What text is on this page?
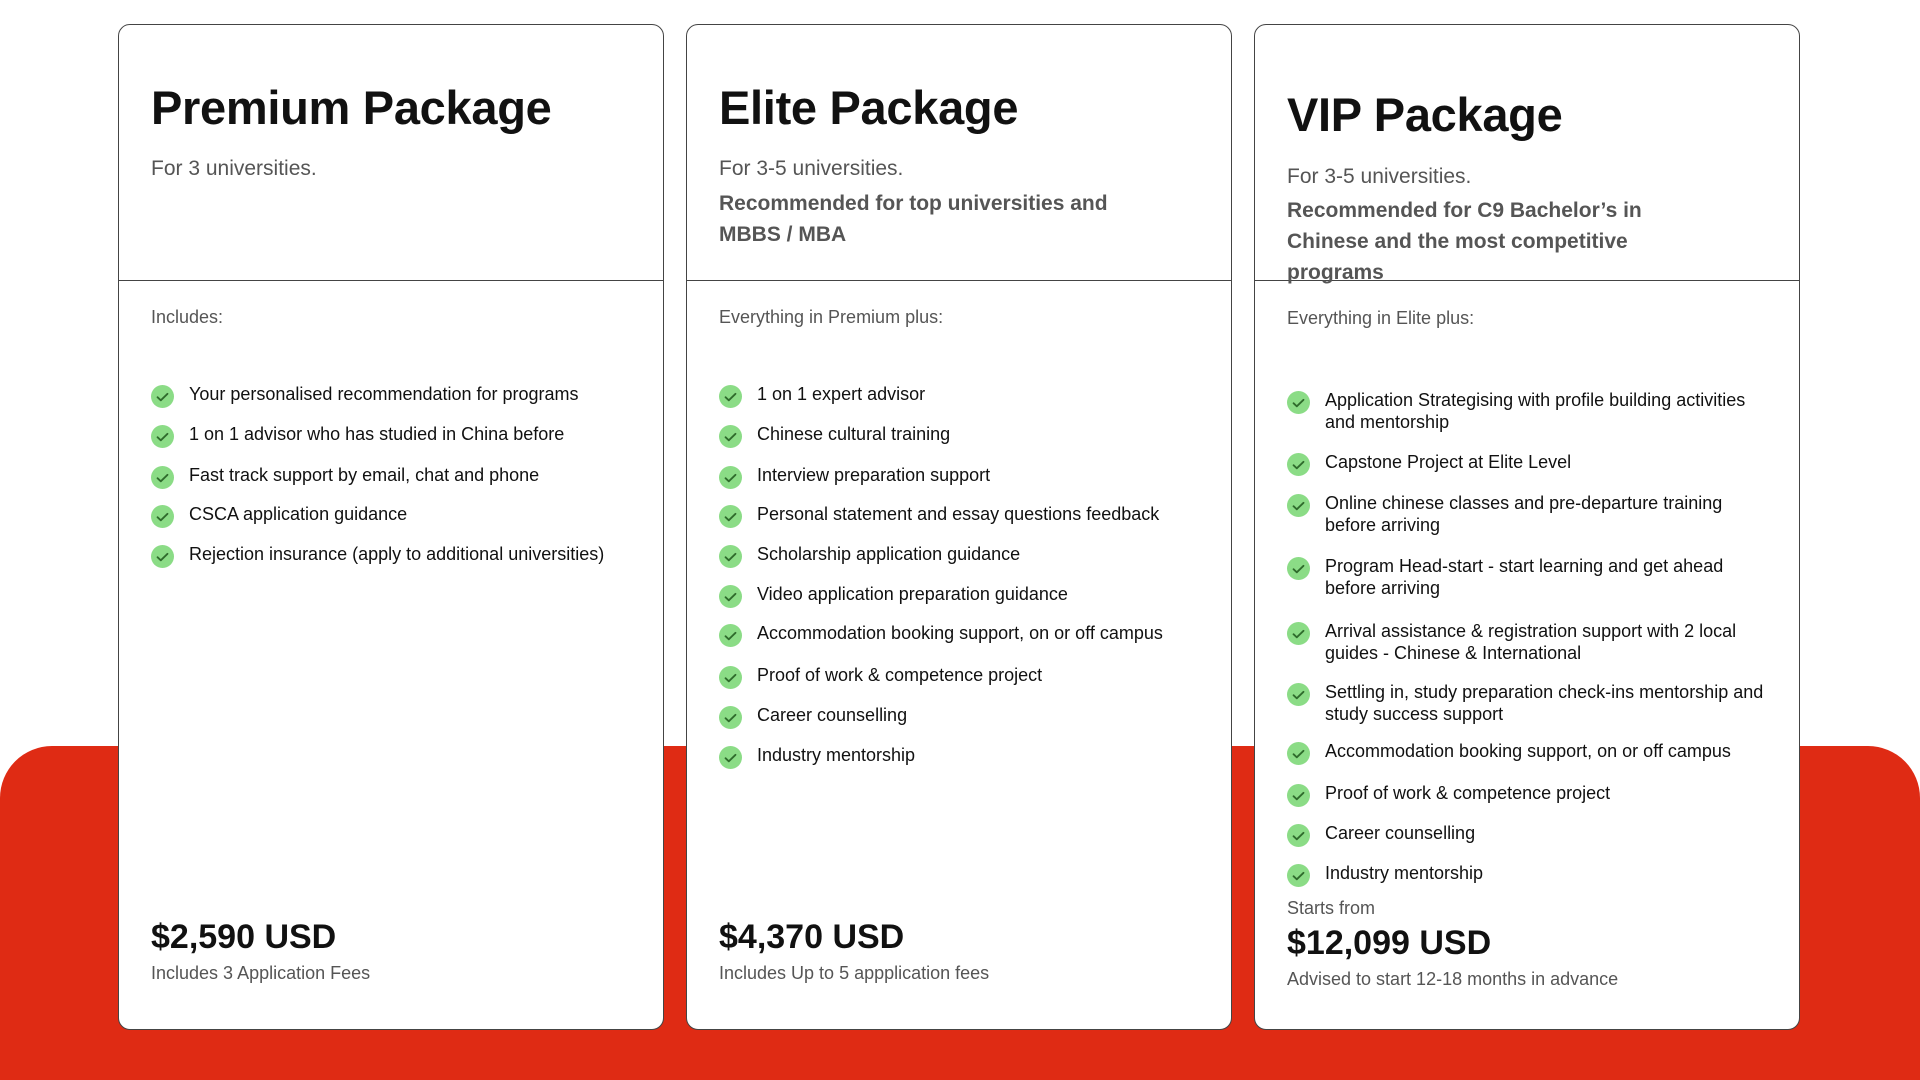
Premium Package

For 3 universities.

Includes:

Your personalised recommendation for programs
1 on 1 advisor who has studied in China before
Fast track support by email, chat and phone
CSCA application guidance
Rejection insurance (apply to additional universities)

$2,590 USD

Includes 3 Application Fees

Elite Package

For 3-5 universities.

Recommended for top universities and MBBS / MBA

Everything in Premium plus:

1 on 1 expert advisor
Chinese cultural training
Interview preparation support
Personal statement and essay questions feedback
Scholarship application guidance
Video application preparation guidance
Accommodation booking support, on or off campus
Proof of work & competence project
Career counselling
Industry mentorship

$4,370 USD

Includes Up to 5 appplication fees

VIP Package

For 3-5 universities.

Recommended for C9 Bachelor’s in Chinese and the most competitive programs

Everything in Elite plus:

Application Strategising with profile building activities and mentorship
Capstone Project at Elite Level
Online chinese classes and pre-departure training before arriving
Program Head-start - start learning and get ahead before arriving
Arrival assistance & registration support with 2 local guides - Chinese & International
Settling in, study preparation check-ins mentorship and study success support
Accommodation booking support, on or off campus
Proof of work & competence project
Career counselling
Industry mentorship

Starts from

$12,099 USD

Advised to start 12-18 months in advance
